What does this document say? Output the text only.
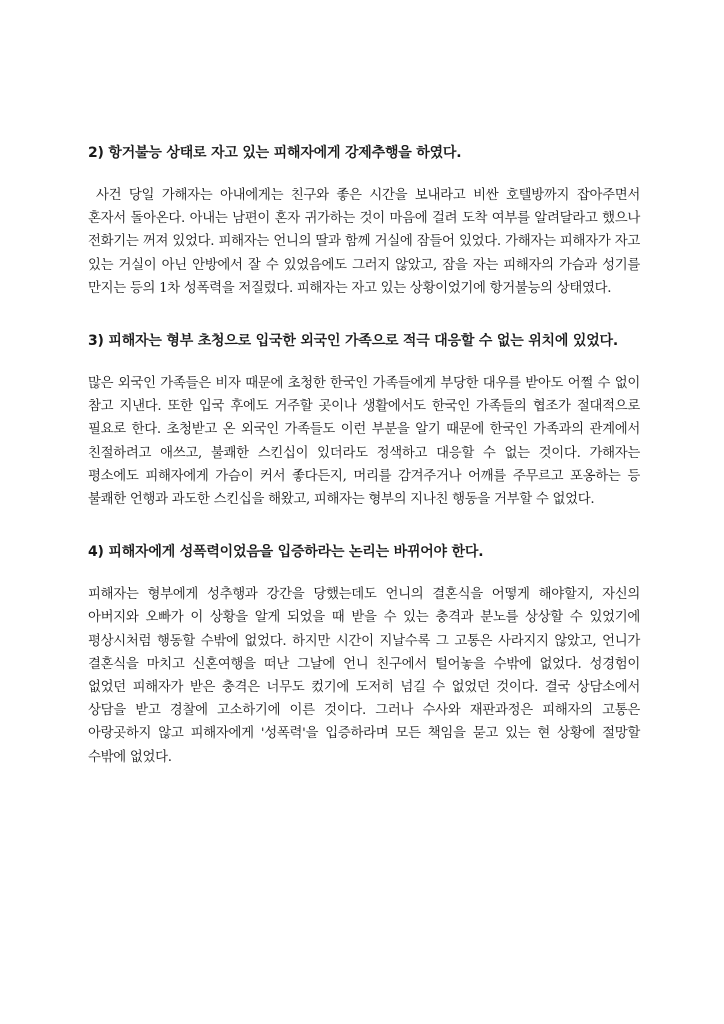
2) 항거불능 상태로 자고 있는 피해자에게 강제추행을 하였다.
사건 당일 가해자는 아내에게는 친구와 좋은 시간을 보내라고 비싼 호텔방까지 잡아주면서 혼자서 돌아온다. 아내는 남편이 혼자 귀가하는 것이 마음에 걸려 도착 여부를 알려달라고 했으나 전화기는 꺼져 있었다. 피해자는 언니의 딸과 함께 거실에 잠들어 있었다. 가해자는 피해자가 자고 있는 거실이 아닌 안방에서 잘 수 있었음에도 그러지 않았고, 잠을 자는 피해자의 가슴과 성기를 만지는 등의 1차 성폭력을 저질렀다. 피해자는 자고 있는 상황이었기에 항거불능의 상태였다.
3) 피해자는 형부 초청으로 입국한 외국인 가족으로 적극 대응할 수 없는 위치에 있었다.
많은 외국인 가족들은 비자 때문에 초청한 한국인 가족들에게 부당한 대우를 받아도 어쩔 수 없이 참고 지낸다. 또한 입국 후에도 거주할 곳이나 생활에서도 한국인 가족들의 협조가 절대적으로 필요로 한다. 초청받고 온 외국인 가족들도 이런 부분을 알기 때문에 한국인 가족과의 관계에서 친절하려고 애쓰고, 불쾌한 스킨십이 있더라도 정색하고 대응할 수 없는 것이다. 가해자는 평소에도 피해자에게 가슴이 커서 좋다든지, 머리를 감겨주거나 어깨를 주무르고 포옹하는 등 불쾌한 언행과 과도한 스킨십을 해왔고, 피해자는 형부의 지나친 행동을 거부할 수 없었다.
4) 피해자에게 성폭력이었음을 입증하라는 논리는 바뀌어야 한다.
피해자는 형부에게 성추행과 강간을 당했는데도 언니의 결혼식을 어떻게 해야할지, 자신의 아버지와 오빠가 이 상황을 알게 되었을 때 받을 수 있는 충격과 분노를 상상할 수 있었기에 평상시처럼 행동할 수밖에 없었다. 하지만 시간이 지날수록 그 고통은 사라지지 않았고, 언니가 결혼식을 마치고 신혼여행을 떠난 그날에 언니 친구에서 털어놓을 수밖에 없었다. 성경험이 없었던 피해자가 받은 충격은 너무도 컸기에 도저히 넘길 수 없었던 것이다. 결국 상담소에서 상담을 받고 경찰에 고소하기에 이른 것이다. 그러나 수사와 재판과정은 피해자의 고통은 아랑곳하지 않고 피해자에게 '성폭력'을 입증하라며 모든 책임을 묻고 있는 현 상황에 절망할 수밖에 없었다.
